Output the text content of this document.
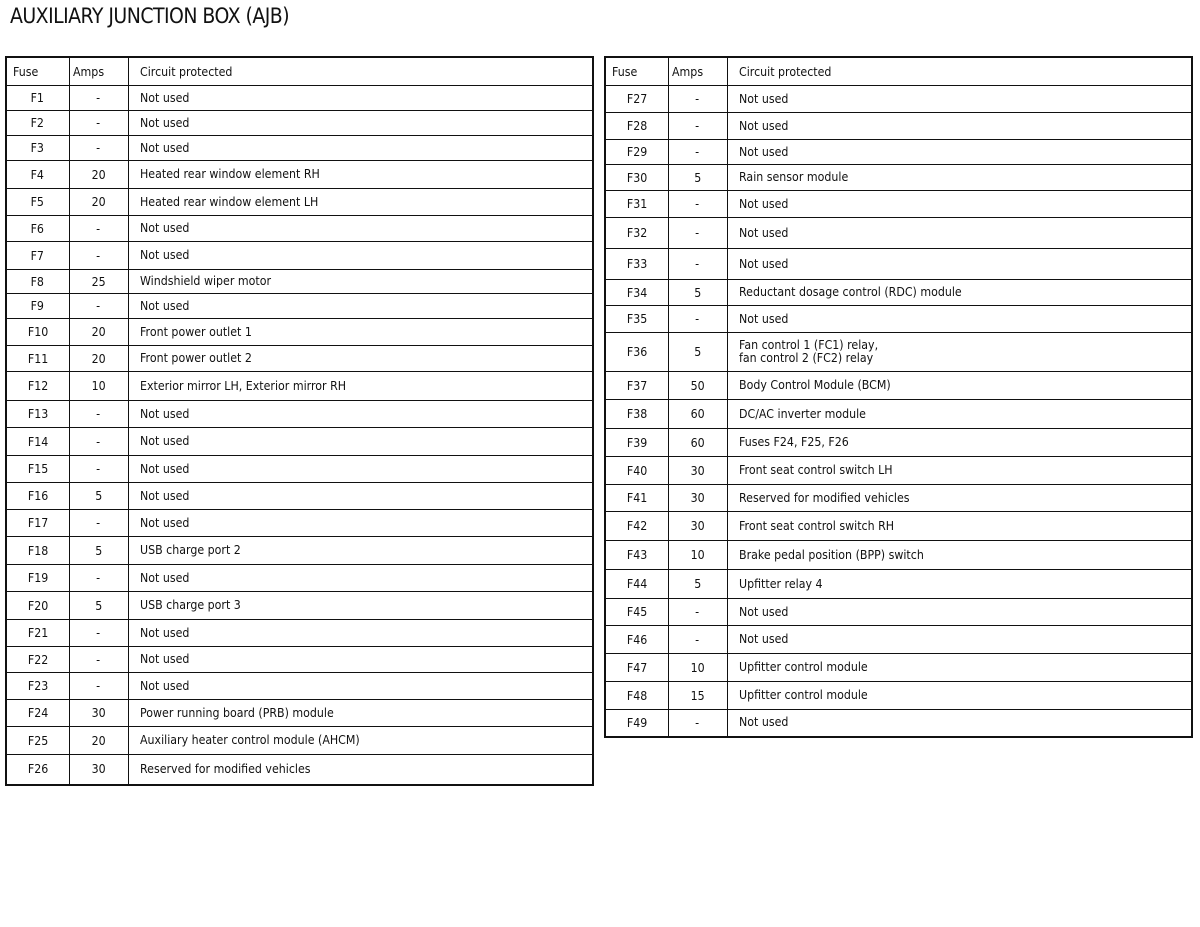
AUXILIARY JUNCTION BOX (AJB)
Fuse	Amps	Circuit protected
F1	-	Not used
F2	-	Not used
F3	-	Not used
F4	20	Heated rear window element RH
F5	20	Heated rear window element LH
F6	-	Not used
F7	-	Not used
F8	25	Windshield wiper motor
F9	-	Not used
F10	20	Front power outlet 1
F11	20	Front power outlet 2
F12	10	Exterior mirror LH, Exterior mirror RH
F13	-	Not used
F14	-	Not used
F15	-	Not used
F16	5	Not used
F17	-	Not used
F18	5	USB charge port 2
F19	-	Not used
F20	5	USB charge port 3
F21	-	Not used
F22	-	Not used
F23	-	Not used
F24	30	Power running board (PRB) module
F25	20	Auxiliary heater control module (AHCM)
F26	30	Reserved for modified vehicles
Fuse	Amps	Circuit protected
F27	-	Not used
F28	-	Not used
F29	-	Not used
F30	5	Rain sensor module
F31	-	Not used
F32	-	Not used
F33	-	Not used
F34	5	Reductant dosage control (RDC) module
F35	-	Not used
F36	5	Fan control 1 (FC1) relay,
fan control 2 (FC2) relay
F37	50	Body Control Module (BCM)
F38	60	DC/AC inverter module
F39	60	Fuses F24, F25, F26
F40	30	Front seat control switch LH
F41	30	Reserved for modified vehicles
F42	30	Front seat control switch RH
F43	10	Brake pedal position (BPP) switch
F44	5	Upfitter relay 4
F45	-	Not used
F46	-	Not used
F47	10	Upfitter control module
F48	15	Upfitter control module
F49	-	Not used
